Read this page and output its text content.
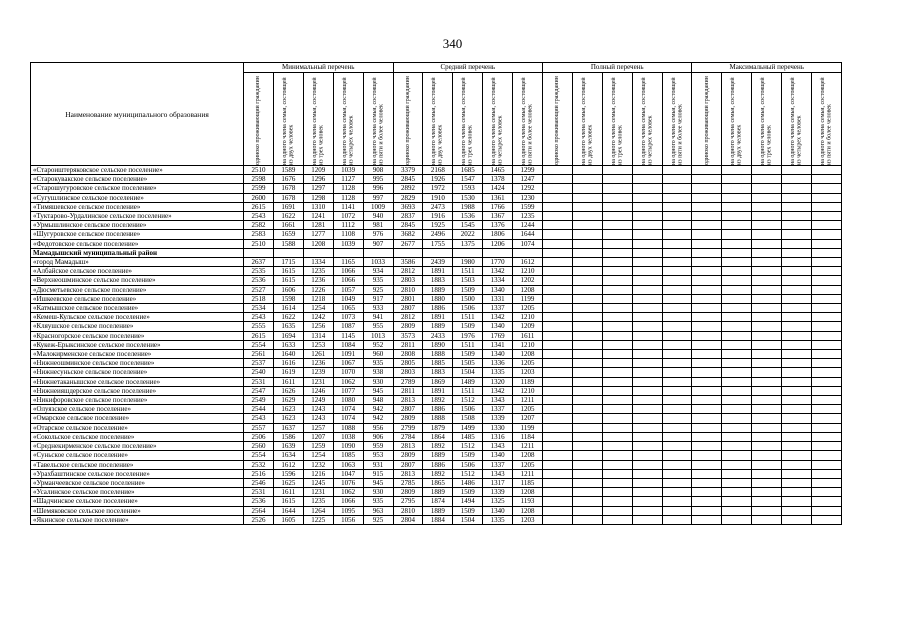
340
Наименование муниципального образования	Минимальный перечень					Средний перечень					Полный перечень					Максимальный перечень				

	одиноко проживающий гражданин	на одного члена семьи, состоящей из двух человек	на одного члена семьи, состоящей из трех человек	на одного члена семьи, состоящей из четырех человек	на одного члена семьи, состоящей из пяти и более человек	одиноко проживающий гражданин	на одного члена семьи, состоящей из двух человек	на одного члена семьи, состоящей из трех человек	на одного члена семьи, состоящей из четырех человек	на одного члена семьи, состоящей из пяти и более человек	одиноко проживающий гражданин	на одного члена семьи, состоящей из двух человек	на одного члена семьи, состоящей из трех человек	на одного члена семьи, состоящей из четырех человек	на одного члена семьи, состоящей из пяти и более человек	одиноко проживающий гражданин	на одного члена семьи, состоящей из двух человек	на одного члена семьи, состоящей из трех человек	на одного члена семьи, состоящей из четырех человек	на одного члена семьи, состоящей из пяти и более человек

«Староиштеряковское сельское поселение»	2510	1589	1209	1039	908	3379	2168	1685	1465	1299										
«Старокувакское сельское поселение»	2598	1676	1296	1127	995	2845	1926	1547	1378	1247										
«Старошугуровское сельское поселение»	2599	1678	1297	1128	996	2892	1972	1593	1424	1292										
«Сугушлинское сельское поселение»	2600	1678	1298	1128	997	2829	1910	1530	1361	1230										
«Тимяшевское сельское поселение»	2615	1691	1310	1141	1009	3693	2473	1988	1766	1599										
«Туктарово-Урдалинское сельское поселение»	2543	1622	1241	1072	940	2837	1916	1536	1367	1235										
«Урмышлинское сельское поселение»	2582	1661	1281	1112	981	2845	1925	1545	1376	1244										
«Шугуровское сельское поселение»	2583	1659	1277	1108	976	3682	2496	2022	1806	1644										
«Федотовское сельское поселение»	2510	1588	1208	1039	907	2677	1755	1375	1206	1074										
Мамадышский муниципальный район																				
«город Мамадыш»	2637	1715	1334	1165	1033	3586	2439	1980	1770	1612										
«Албайское сельское поселение»	2535	1615	1235	1066	934	2812	1891	1511	1342	1210										
«Верхнеошминское сельское поселение»	2536	1615	1236	1066	935	2803	1883	1503	1334	1202										
«Дюсметьевское сельское поселение»	2527	1606	1226	1057	925	2810	1889	1509	1340	1208										
«Ишкеевское сельское поселение»	2518	1598	1218	1049	917	2801	1880	1500	1331	1199										
«Катмышское сельское поселение»	2534	1614	1254	1065	933	2807	1886	1506	1337	1205										
«Кемеш-Кульское сельское поселение»	2543	1622	1242	1073	941	2812	1891	1511	1342	1210										
«Кляушское сельское поселение»	2555	1635	1256	1087	955	2809	1889	1509	1340	1209										
«Красногорское сельское поселение»	2615	1694	1314	1145	1013	3573	2433	1976	1769	1611										
«Кукеж-Ерыксинское сельское поселение»	2554	1633	1253	1084	952	2811	1890	1511	1341	1210										
«Малокирменское сельское поселение»	2561	1640	1261	1091	960	2808	1888	1509	1340	1208										
«Нижнеошминское сельское поселение»	2537	1616	1236	1067	935	2805	1885	1505	1336	1205										
«Нижнесуньское сельское поселение»	2540	1619	1239	1070	938	2803	1883	1504	1335	1203										
«Нижнетаканышское сельское поселение»	2531	1611	1231	1062	930	2789	1869	1489	1320	1189										
«Нижнеияшдерское сельское поселение»	2547	1626	1246	1077	945	2811	1891	1511	1342	1210										
«Никифоровское сельское поселение»	2549	1629	1249	1080	948	2813	1892	1512	1343	1211										
«Олуязское сельское поселение»	2544	1623	1243	1074	942	2807	1886	1506	1337	1205										
«Омарское сельское поселение»	2543	1623	1243	1074	942	2809	1888	1508	1339	1207										
«Отарское сельское поселение»	2557	1637	1257	1088	956	2799	1879	1499	1330	1199										
«Сокольское сельское поселение»	2506	1586	1207	1038	906	2784	1864	1485	1316	1184										
«Среднекирменское сельское поселение»	2560	1639	1259	1090	959	2813	1892	1512	1343	1211										
«Суньское сельское поселение»	2554	1634	1254	1085	953	2809	1889	1509	1340	1208										
«Тавельское сельское поселение»	2532	1612	1232	1063	931	2807	1886	1506	1337	1205										
«Урахбаштинское сельское поселение»	2516	1596	1216	1047	915	2813	1892	1512	1343	1211										
«Урманчеевское сельское поселение»	2546	1625	1245	1076	945	2785	1865	1486	1317	1185										
«Усалинское сельское поселение»	2531	1611	1231	1062	930	2809	1889	1509	1339	1208										
«Шадчинское сельское поселение»	2536	1615	1235	1066	935	2795	1874	1494	1325	1193										
«Шемяковское сельское поселение»	2564	1644	1264	1095	963	2810	1889	1509	1340	1208										
«Якинское сельское поселение»	2526	1605	1225	1056	925	2804	1884	1504	1335	1203										
